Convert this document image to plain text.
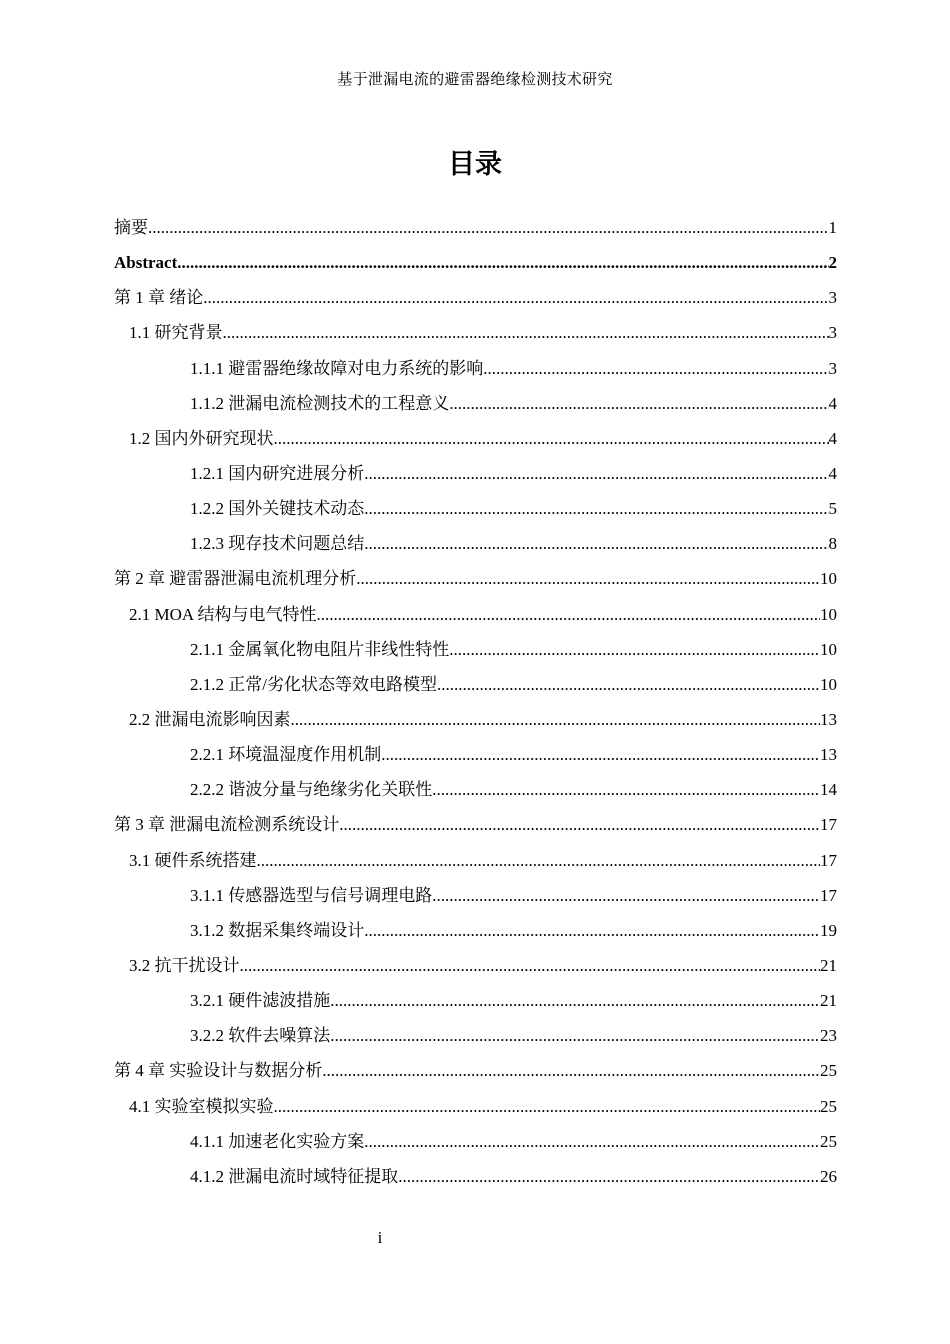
基于泄漏电流的避雷器绝缘检测技术研究
目录
摘要 .....	1
Abstract .....	2
第 1 章 绪论 .....	3
1.1 研究背景 .....	3
1.1.1 避雷器绝缘故障对电力系统的影响 .....	3
1.1.2 泄漏电流检测技术的工程意义 .....	4
1.2 国内外研究现状 .....	4
1.2.1 国内研究进展分析 .....	4
1.2.2 国外关键技术动态 .....	5
1.2.3 现存技术问题总结 .....	8
第 2 章 避雷器泄漏电流机理分析 .....	10
2.1 MOA 结构与电气特性 .....	10
2.1.1 金属氧化物电阻片非线性特性 .....	10
2.1.2 正常/劣化状态等效电路模型 .....	10
2.2 泄漏电流影响因素 .....	13
2.2.1 环境温湿度作用机制 .....	13
2.2.2 谐波分量与绝缘劣化关联性 .....	14
第 3 章 泄漏电流检测系统设计 .....	17
3.1 硬件系统搭建 .....	17
3.1.1 传感器选型与信号调理电路 .....	17
3.1.2 数据采集终端设计 .....	19
3.2 抗干扰设计 .....	21
3.2.1 硬件滤波措施 .....	21
3.2.2 软件去噪算法 .....	23
第 4 章 实验设计与数据分析 .....	25
4.1 实验室模拟实验 .....	25
4.1.1 加速老化实验方案 .....	25
4.1.2 泄漏电流时域特征提取 .....	26
i
